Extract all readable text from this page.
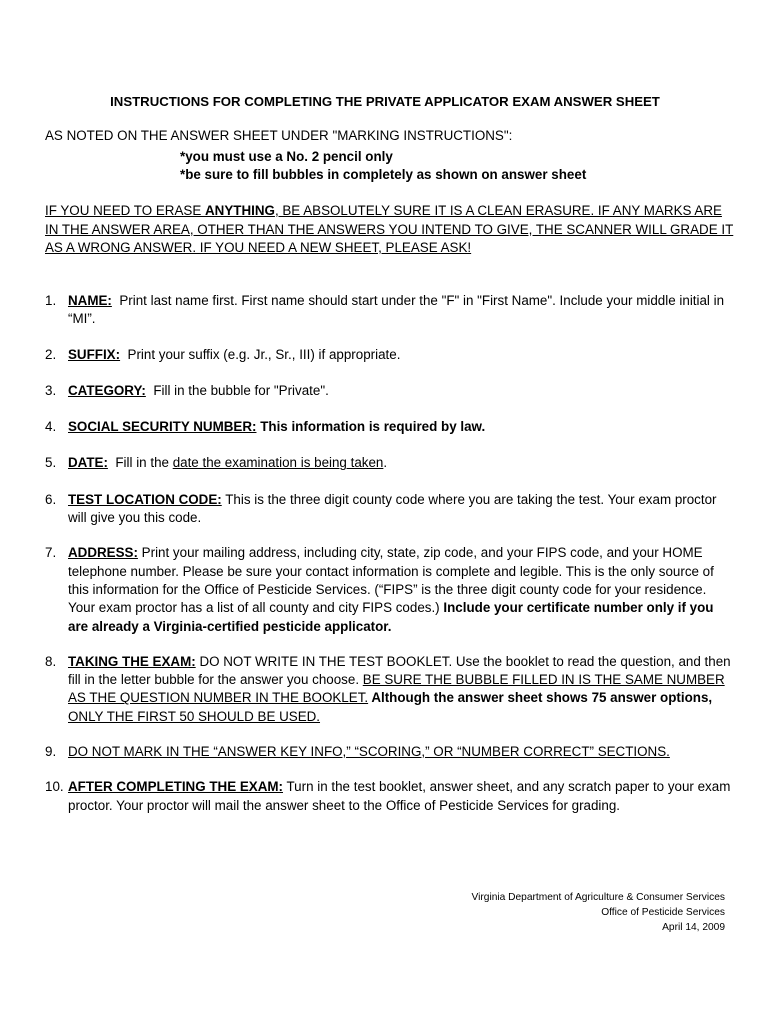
INSTRUCTIONS FOR COMPLETING THE PRIVATE APPLICATOR EXAM ANSWER SHEET
AS NOTED ON THE ANSWER SHEET UNDER "MARKING INSTRUCTIONS":
*you must use a No. 2 pencil only
*be sure to fill bubbles in completely as shown on answer sheet
IF YOU NEED TO ERASE ANYTHING, BE ABSOLUTELY SURE IT IS A CLEAN ERASURE. IF ANY MARKS ARE IN THE ANSWER AREA, OTHER THAN THE ANSWERS YOU INTEND TO GIVE, THE SCANNER WILL GRADE IT AS A WRONG ANSWER. IF YOU NEED A NEW SHEET, PLEASE ASK!
1. NAME: Print last name first. First name should start under the "F" in "First Name". Include your middle initial in “MI”.
2. SUFFIX: Print your suffix (e.g. Jr., Sr., III) if appropriate.
3. CATEGORY: Fill in the bubble for "Private".
4. SOCIAL SECURITY NUMBER: This information is required by law.
5. DATE: Fill in the date the examination is being taken.
6. TEST LOCATION CODE: This is the three digit county code where you are taking the test. Your exam proctor will give you this code.
7. ADDRESS: Print your mailing address, including city, state, zip code, and your FIPS code, and your HOME telephone number. Please be sure your contact information is complete and legible. This is the only source of this information for the Office of Pesticide Services. (“FIPS” is the three digit county code for your residence. Your exam proctor has a list of all county and city FIPS codes.) Include your certificate number only if you are already a Virginia-certified pesticide applicator.
8. TAKING THE EXAM: DO NOT WRITE IN THE TEST BOOKLET. Use the booklet to read the question, and then fill in the letter bubble for the answer you choose. BE SURE THE BUBBLE FILLED IN IS THE SAME NUMBER AS THE QUESTION NUMBER IN THE BOOKLET. Although the answer sheet shows 75 answer options, ONLY THE FIRST 50 SHOULD BE USED.
9. DO NOT MARK IN THE “ANSWER KEY INFO,” “SCORING,” OR “NUMBER CORRECT” SECTIONS.
10. AFTER COMPLETING THE EXAM: Turn in the test booklet, answer sheet, and any scratch paper to your exam proctor. Your proctor will mail the answer sheet to the Office of Pesticide Services for grading.
Virginia Department of Agriculture & Consumer Services
Office of Pesticide Services
April 14, 2009
